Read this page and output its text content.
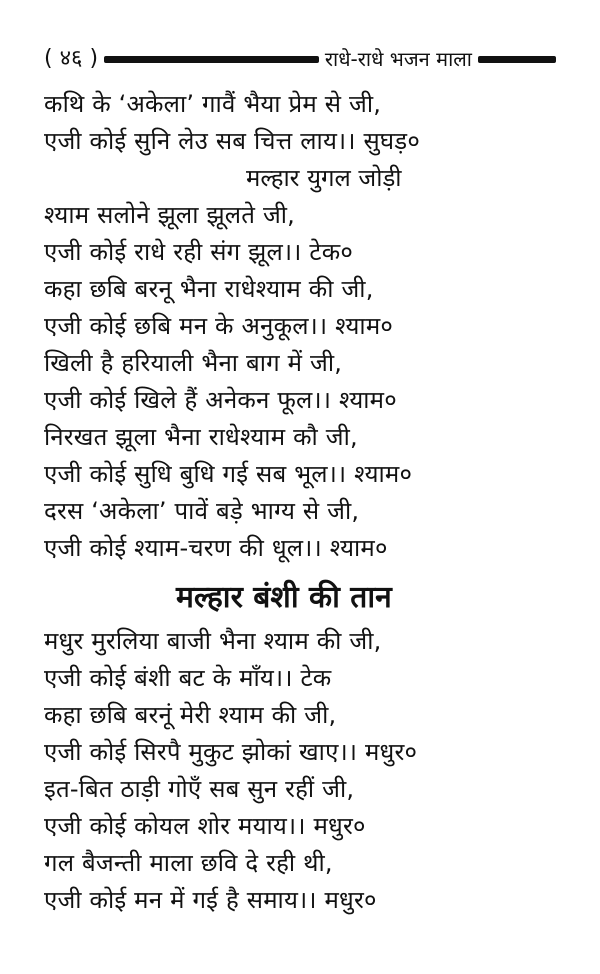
( ४६ )	राधे-राधे भजन माला
कथि के ‘अकेला’ गावैं भैया प्रेम से जी,
एजी कोई सुनि लेउ सब चित्त लाय।। सुघड़०
मल्हार युगल जोड़ी
श्याम सलोने झूला झूलते जी,
एजी कोई राधे रही संग झूल।। टेक०
कहा छबि बरनू भैना राधेश्याम की जी,
एजी कोई छबि मन के अनुकूल।। श्याम०
खिली है हरियाली भैना बाग में जी,
एजी कोई खिले हैं अनेकन फूल।। श्याम०
निरखत झूला भैना राधेश्याम कौ जी,
एजी कोई सुधि बुधि गई सब भूल।। श्याम०
दरस ‘अकेला’ पावें बड़े भाग्य से जी,
एजी कोई श्याम-चरण की धूल।। श्याम०
मल्हार बंशी की तान
मधुर मुरलिया बाजी भैना श्याम की जी,
एजी कोई बंशी बट के माँय।। टेक
कहा छबि बरनूं मेरी श्याम की जी,
एजी कोई सिरपै मुकुट झोकां खाए।। मधुर०
इत-बित ठाड़ी गोएँ सब सुन रहीं जी,
एजी कोई कोयल शोर मयाय।। मधुर०
गल बैजन्ती माला छवि दे रही थी,
एजी कोई मन में गई है समाय।। मधुर०
